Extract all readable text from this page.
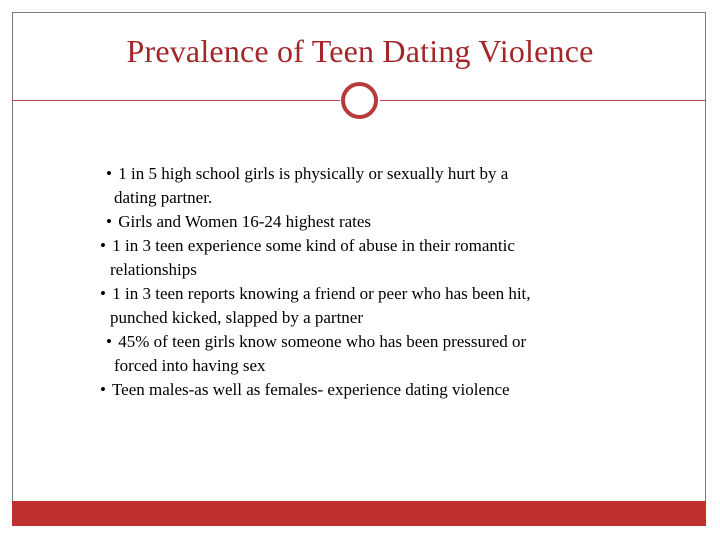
Prevalence of Teen Dating Violence
• 1 in 5 high school girls is physically or sexually hurt by a
dating partner.
• Girls and Women 16-24 highest rates
• 1 in 3 teen experience some kind of abuse in their romantic
relationships
• 1 in 3 teen reports knowing a friend or peer who has been hit,
punched kicked, slapped by a partner
• 45% of teen girls know someone who has been pressured or
forced into having sex
• Teen males-as well as females- experience dating violence
